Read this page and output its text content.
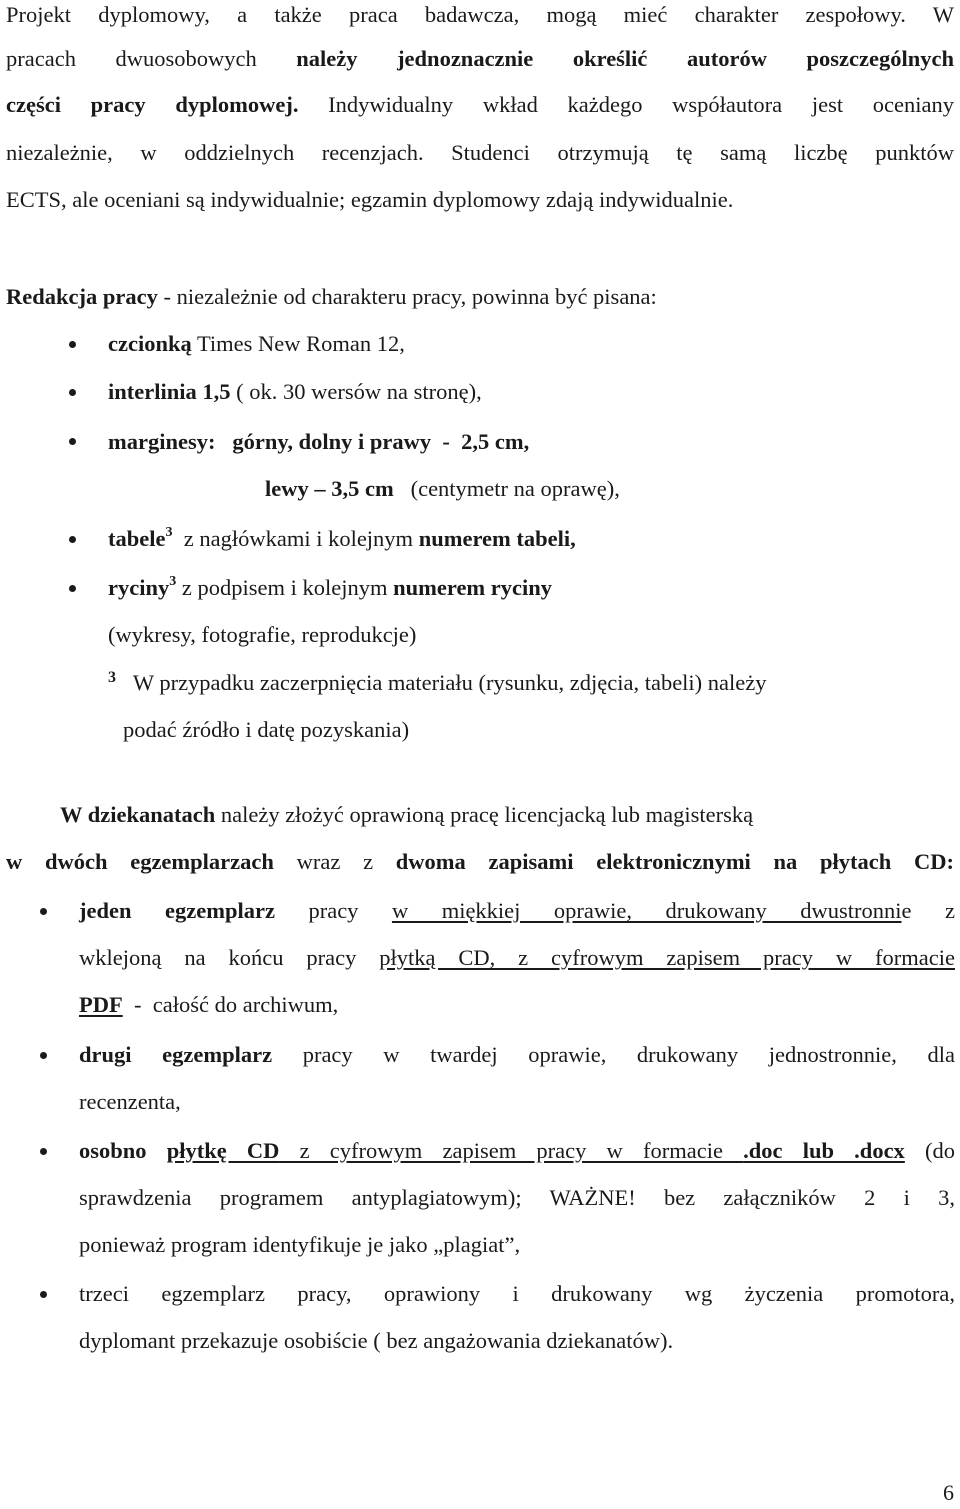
Projekt dyplomowy, a także praca badawcza, mogą mieć charakter zespołowy. W
pracach dwuosobowych należy jednoznacznie określić autorów poszczególnych
części pracy dyplomowej. Indywidualny wkład każdego współautora jest oceniany
niezależnie, w oddzielnych recenzjach. Studenci otrzymują tę samą liczbę punktów
ECTS, ale oceniani są indywidualnie; egzamin dyplomowy zdają indywidualnie.
Redakcja pracy - niezależnie od charakteru pracy, powinna być pisana:
czcionką Times New Roman 12,
interlinia 1,5 ( ok. 30 wersów na stronę),
marginesy:   górny, dolny i prawy  -  2,5 cm,
lewy – 3,5 cm   (centymetr na oprawę),
tabele$^3$  z nagłówkami i kolejnym numerem tabeli,
ryciny$^3$ z podpisem i kolejnym numerem ryciny
(wykresy, fotografie, reprodukcje)
$^3$ W przypadku zaczerpnięcia materiału (rysunku, zdjęcia, tabeli) należy
podać źródło i datę pozyskania)
W dziekanatach należy złożyć oprawioną pracę licencjacką lub magisterską
w dwóch egzemplarzach wraz z dwoma zapisami elektronicznymi na płytach CD:
jeden egzemplarz pracy w miękkiej oprawie, drukowany dwustronnie z
wklejoną na końcu pracy płytką CD, z cyfrowym zapisem pracy w formacie
PDF  -  całość do archiwum,
drugi egzemplarz pracy w twardej oprawie, drukowany jednostronnie, dla
recenzenta,
osobno płytkę CD z cyfrowym zapisem pracy w formacie .doc lub .docx (do
sprawdzenia programem antyplagiatowym); WAŻNE! bez załączników 2 i 3,
ponieważ program identyfikuje je jako „plagiat”,
trzeci egzemplarz pracy, oprawiony i drukowany wg życzenia promotora,
dyplomant przekazuje osobiście ( bez angażowania dziekanatów).
6
